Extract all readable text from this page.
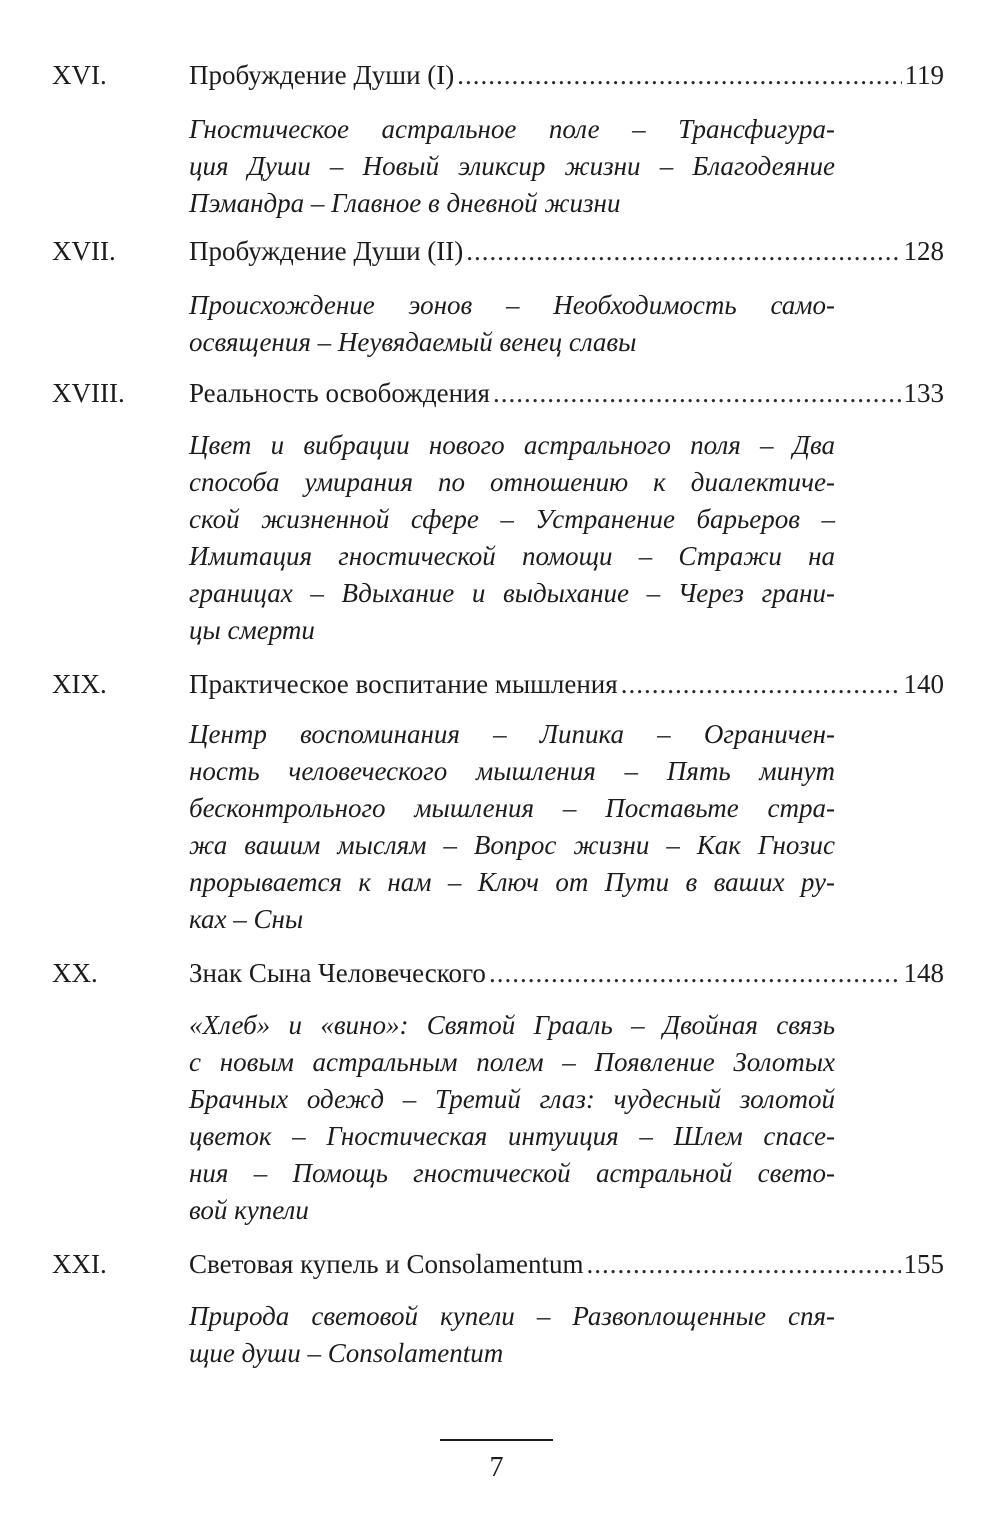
XVI.	Пробуждение Души (I) .....	119

Гностическое астральное поле – Трансфигура-
ция Души – Новый эликсир жизни – Благодеяние
Пэмандра – Главное в дневной жизни

XVII.	Пробуждение Души (II) .....	128

Происхождение эонов – Необходимость само-
освящения – Неувядаемый венец славы

XVIII. Реальность освобождения .....	133

Цвет и вибрации нового астрального поля – Два
способа умирания по отношению к диалектиче-
ской жизненной сфере – Устранение барьеров –
Имитация гностической помощи – Стражи на
границах – Вдыхание и выдыхание – Через грани-
цы смерти

XIX.	Практическое воспитание мышления .....	140

Центр воспоминания – Липика – Ограничен-
ность человеческого мышления – Пять минут
бесконтрольного мышления – Поставьте стра-
жа вашим мыслям – Вопрос жизни – Как Гнозис
прорывается к нам – Ключ от Пути в ваших ру-
ках – Сны

XX.	Знак Сына Человеческого .....	148

«Хлеб» и «вино»: Святой Грааль – Двойная связь
с новым астральным полем – Появление Золотых
Брачных одежд – Третий глаз: чудесный золотой
цветок – Гностическая интуиция – Шлем спасе-
ния – Помощь гностической астральной свето-
вой купели

XXI.	Световая купель и Consolamentum .....	155

Природа световой купели – Развоплощенные спя-
щие души – Consolamentum

7
